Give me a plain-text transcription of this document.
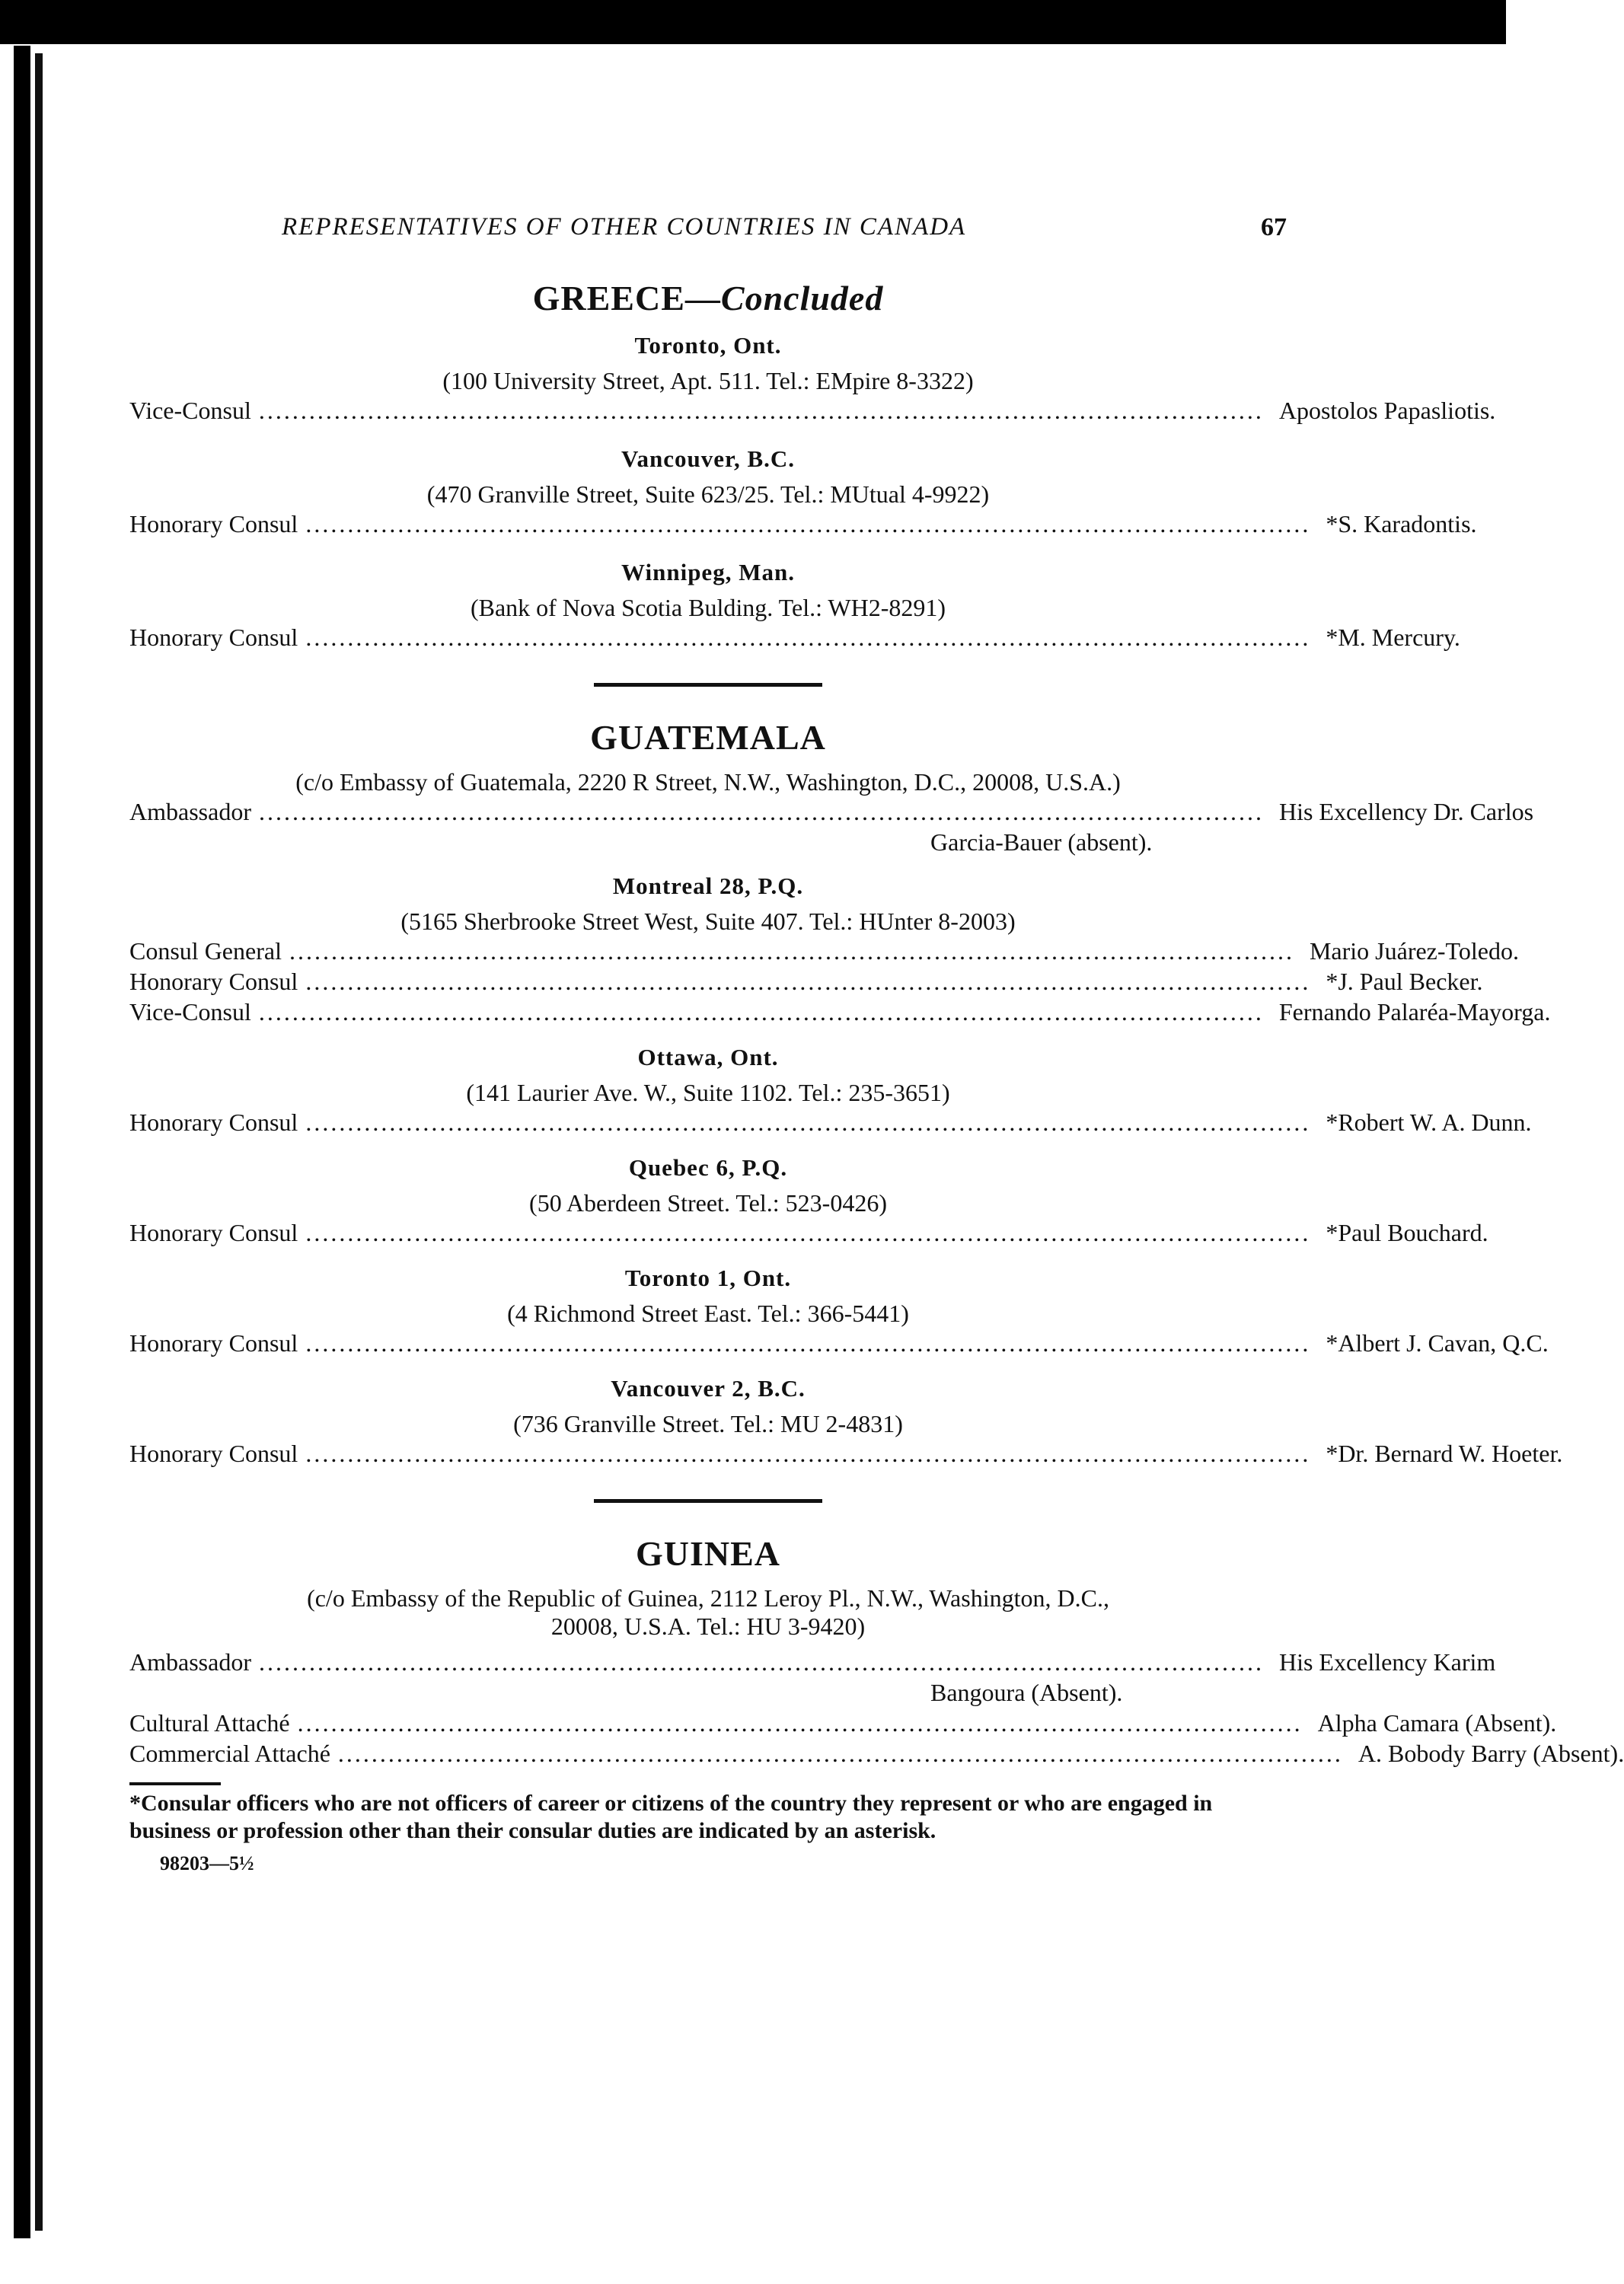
REPRESENTATIVES OF OTHER COUNTRIES IN CANADA	67

GREECE—Concluded

Toronto, Ont.

(100 University Street, Apt. 511. Tel.: EMpire 8-3322)

Vice-Consul ........................................................................................................................ Apostolos Papasliotis.

Vancouver, B.C.

(470 Granville Street, Suite 623/25. Tel.: MUtual 4-9922)

Honorary Consul ........................................................................................................................ *S. Karadontis.

Winnipeg, Man.

(Bank of Nova Scotia Bulding. Tel.: WH2-8291)

Honorary Consul ........................................................................................................................ *M. Mercury.

GUATEMALA

(c/o Embassy of Guatemala, 2220 R Street, N.W., Washington, D.C., 20008, U.S.A.)

Ambassador ........................................................................................................................ His Excellency Dr. Carlos

Garcia-Bauer (absent).

Montreal 28, P.Q.

(5165 Sherbrooke Street West, Suite 407. Tel.: HUnter 8-2003)

Consul General ........................................................................................................................ Mario Juárez-Toledo.
Honorary Consul ........................................................................................................................ *J. Paul Becker.
Vice-Consul ........................................................................................................................ Fernando Palaréa-Mayorga.

Ottawa, Ont.

(141 Laurier Ave. W., Suite 1102. Tel.: 235-3651)

Honorary Consul ........................................................................................................................ *Robert W. A. Dunn.

Quebec 6, P.Q.

(50 Aberdeen Street. Tel.: 523-0426)

Honorary Consul ........................................................................................................................ *Paul Bouchard.

Toronto 1, Ont.

(4 Richmond Street East. Tel.: 366-5441)

Honorary Consul ........................................................................................................................ *Albert J. Cavan, Q.C.

Vancouver 2, B.C.

(736 Granville Street. Tel.: MU 2-4831)

Honorary Consul ........................................................................................................................ *Dr. Bernard W. Hoeter.

GUINEA

(c/o Embassy of the Republic of Guinea, 2112 Leroy Pl., N.W., Washington, D.C.,

20008, U.S.A. Tel.: HU 3-9420)

Ambassador ........................................................................................................................ His Excellency Karim

Bangoura (Absent).

Cultural Attaché ........................................................................................................................ Alpha Camara (Absent).
Commercial Attaché ........................................................................................................................ A. Bobody Barry (Absent).

*Consular officers who are not officers of career or citizens of the country they represent or who are engaged in business or profession other than their consular duties are indicated by an asterisk.

98203—5½
